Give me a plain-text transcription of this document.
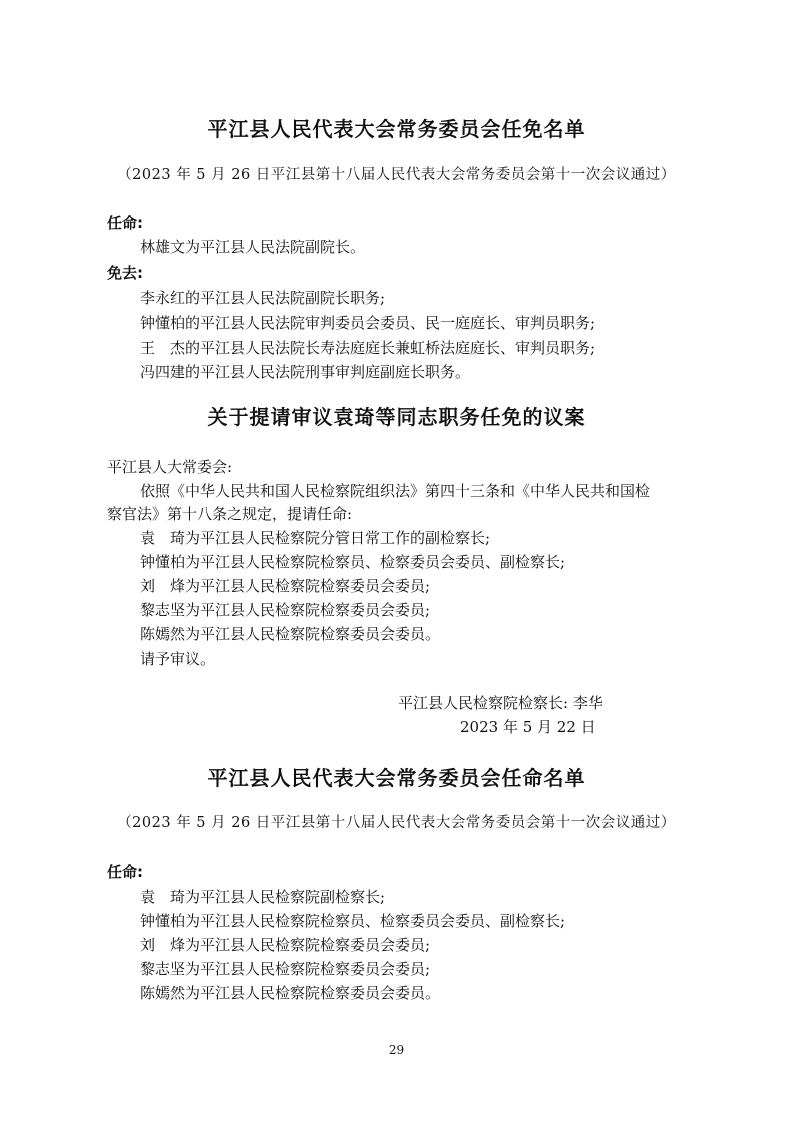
平江县人民代表大会常务委员会任免名单

（2023 年 5 月 26 日平江县第十八届人民代表大会常务委员会第十一次会议通过）

任命:

林雄文为平江县人民法院副院长。

免去:

李永红的平江县人民法院副院长职务;

钟懂柏的平江县人民法院审判委员会委员、民一庭庭长、审判员职务;

王　杰的平江县人民法院长寿法庭庭长兼虹桥法庭庭长、审判员职务;

冯四建的平江县人民法院刑事审判庭副庭长职务。

关于提请审议袁琦等同志职务任免的议案

平江县人大常委会:

依照《中华人民共和国人民检察院组织法》第四十三条和《中华人民共和国检

察官法》第十八条之规定，提请任命:

袁　琦为平江县人民检察院分管日常工作的副检察长;

钟懂柏为平江县人民检察院检察员、检察委员会委员、副检察长;

刘　烽为平江县人民检察院检察委员会委员;

黎志坚为平江县人民检察院检察委员会委员;

陈嫣然为平江县人民检察院检察委员会委员。

请予审议。

平江县人民检察院检察长: 李华

2023 年 5 月 22 日

平江县人民代表大会常务委员会任命名单

（2023 年 5 月 26 日平江县第十八届人民代表大会常务委员会第十一次会议通过）

任命:

袁　琦为平江县人民检察院副检察长;

钟懂柏为平江县人民检察院检察员、检察委员会委员、副检察长;

刘　烽为平江县人民检察院检察委员会委员;

黎志坚为平江县人民检察院检察委员会委员;

陈嫣然为平江县人民检察院检察委员会委员。

29
